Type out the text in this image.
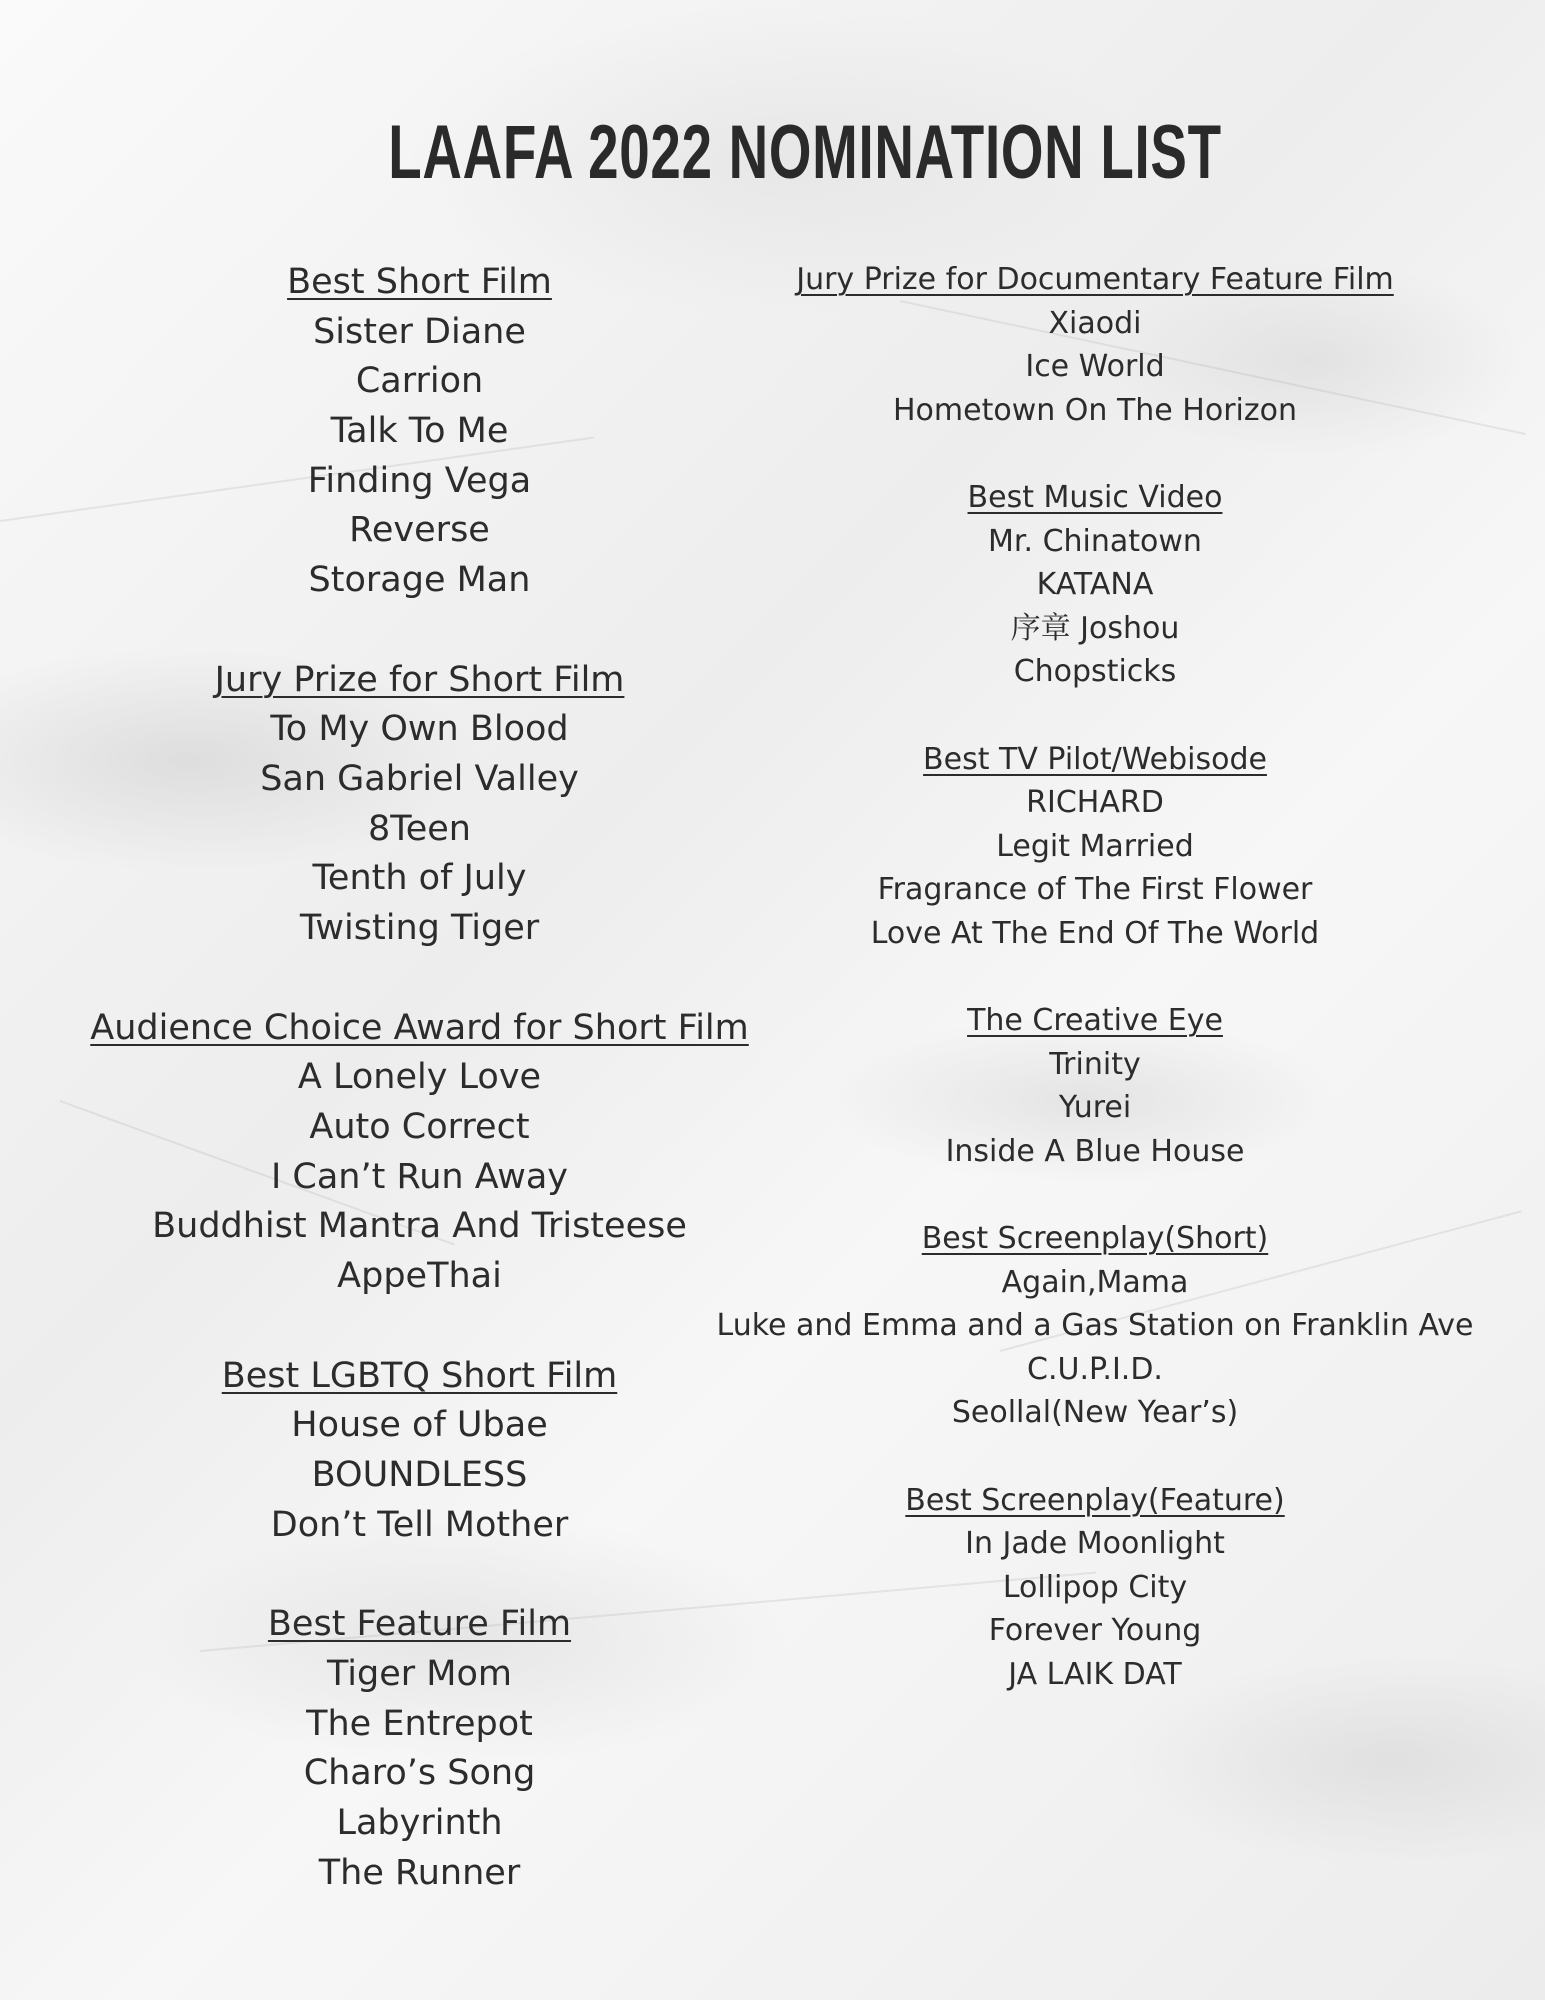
LAAFA 2022 NOMINATION LIST
Best Short Film
Sister Diane
Carrion
Talk To Me
Finding Vega
Reverse
Storage Man
Jury Prize for Short Film
To My Own Blood
San Gabriel Valley
8Teen
Tenth of July
Twisting Tiger
Audience Choice Award for Short Film
A Lonely Love
Auto Correct
I Can’t Run Away
Buddhist Mantra And Tristeese
AppeThai
Best LGBTQ Short Film
House of Ubae
BOUNDLESS
Don’t Tell Mother
Best Feature Film
Tiger Mom
The Entrepot
Charo’s Song
Labyrinth
The Runner
Jury Prize for Documentary Feature Film
Xiaodi
Ice World
Hometown On The Horizon
Best Music Video
Mr. Chinatown
KATANA
序章 Joshou
Chopsticks
Best TV Pilot/Webisode
RICHARD
Legit Married
Fragrance of The First Flower
Love At The End Of The World
The Creative Eye
Trinity
Yurei
Inside A Blue House
Best Screenplay(Short)
Again,Mama
Luke and Emma and a Gas Station on Franklin Ave
C.U.P.I.D.
Seollal(New Year’s)
Best Screenplay(Feature)
In Jade Moonlight
Lollipop City
Forever Young
JA LAIK DAT
